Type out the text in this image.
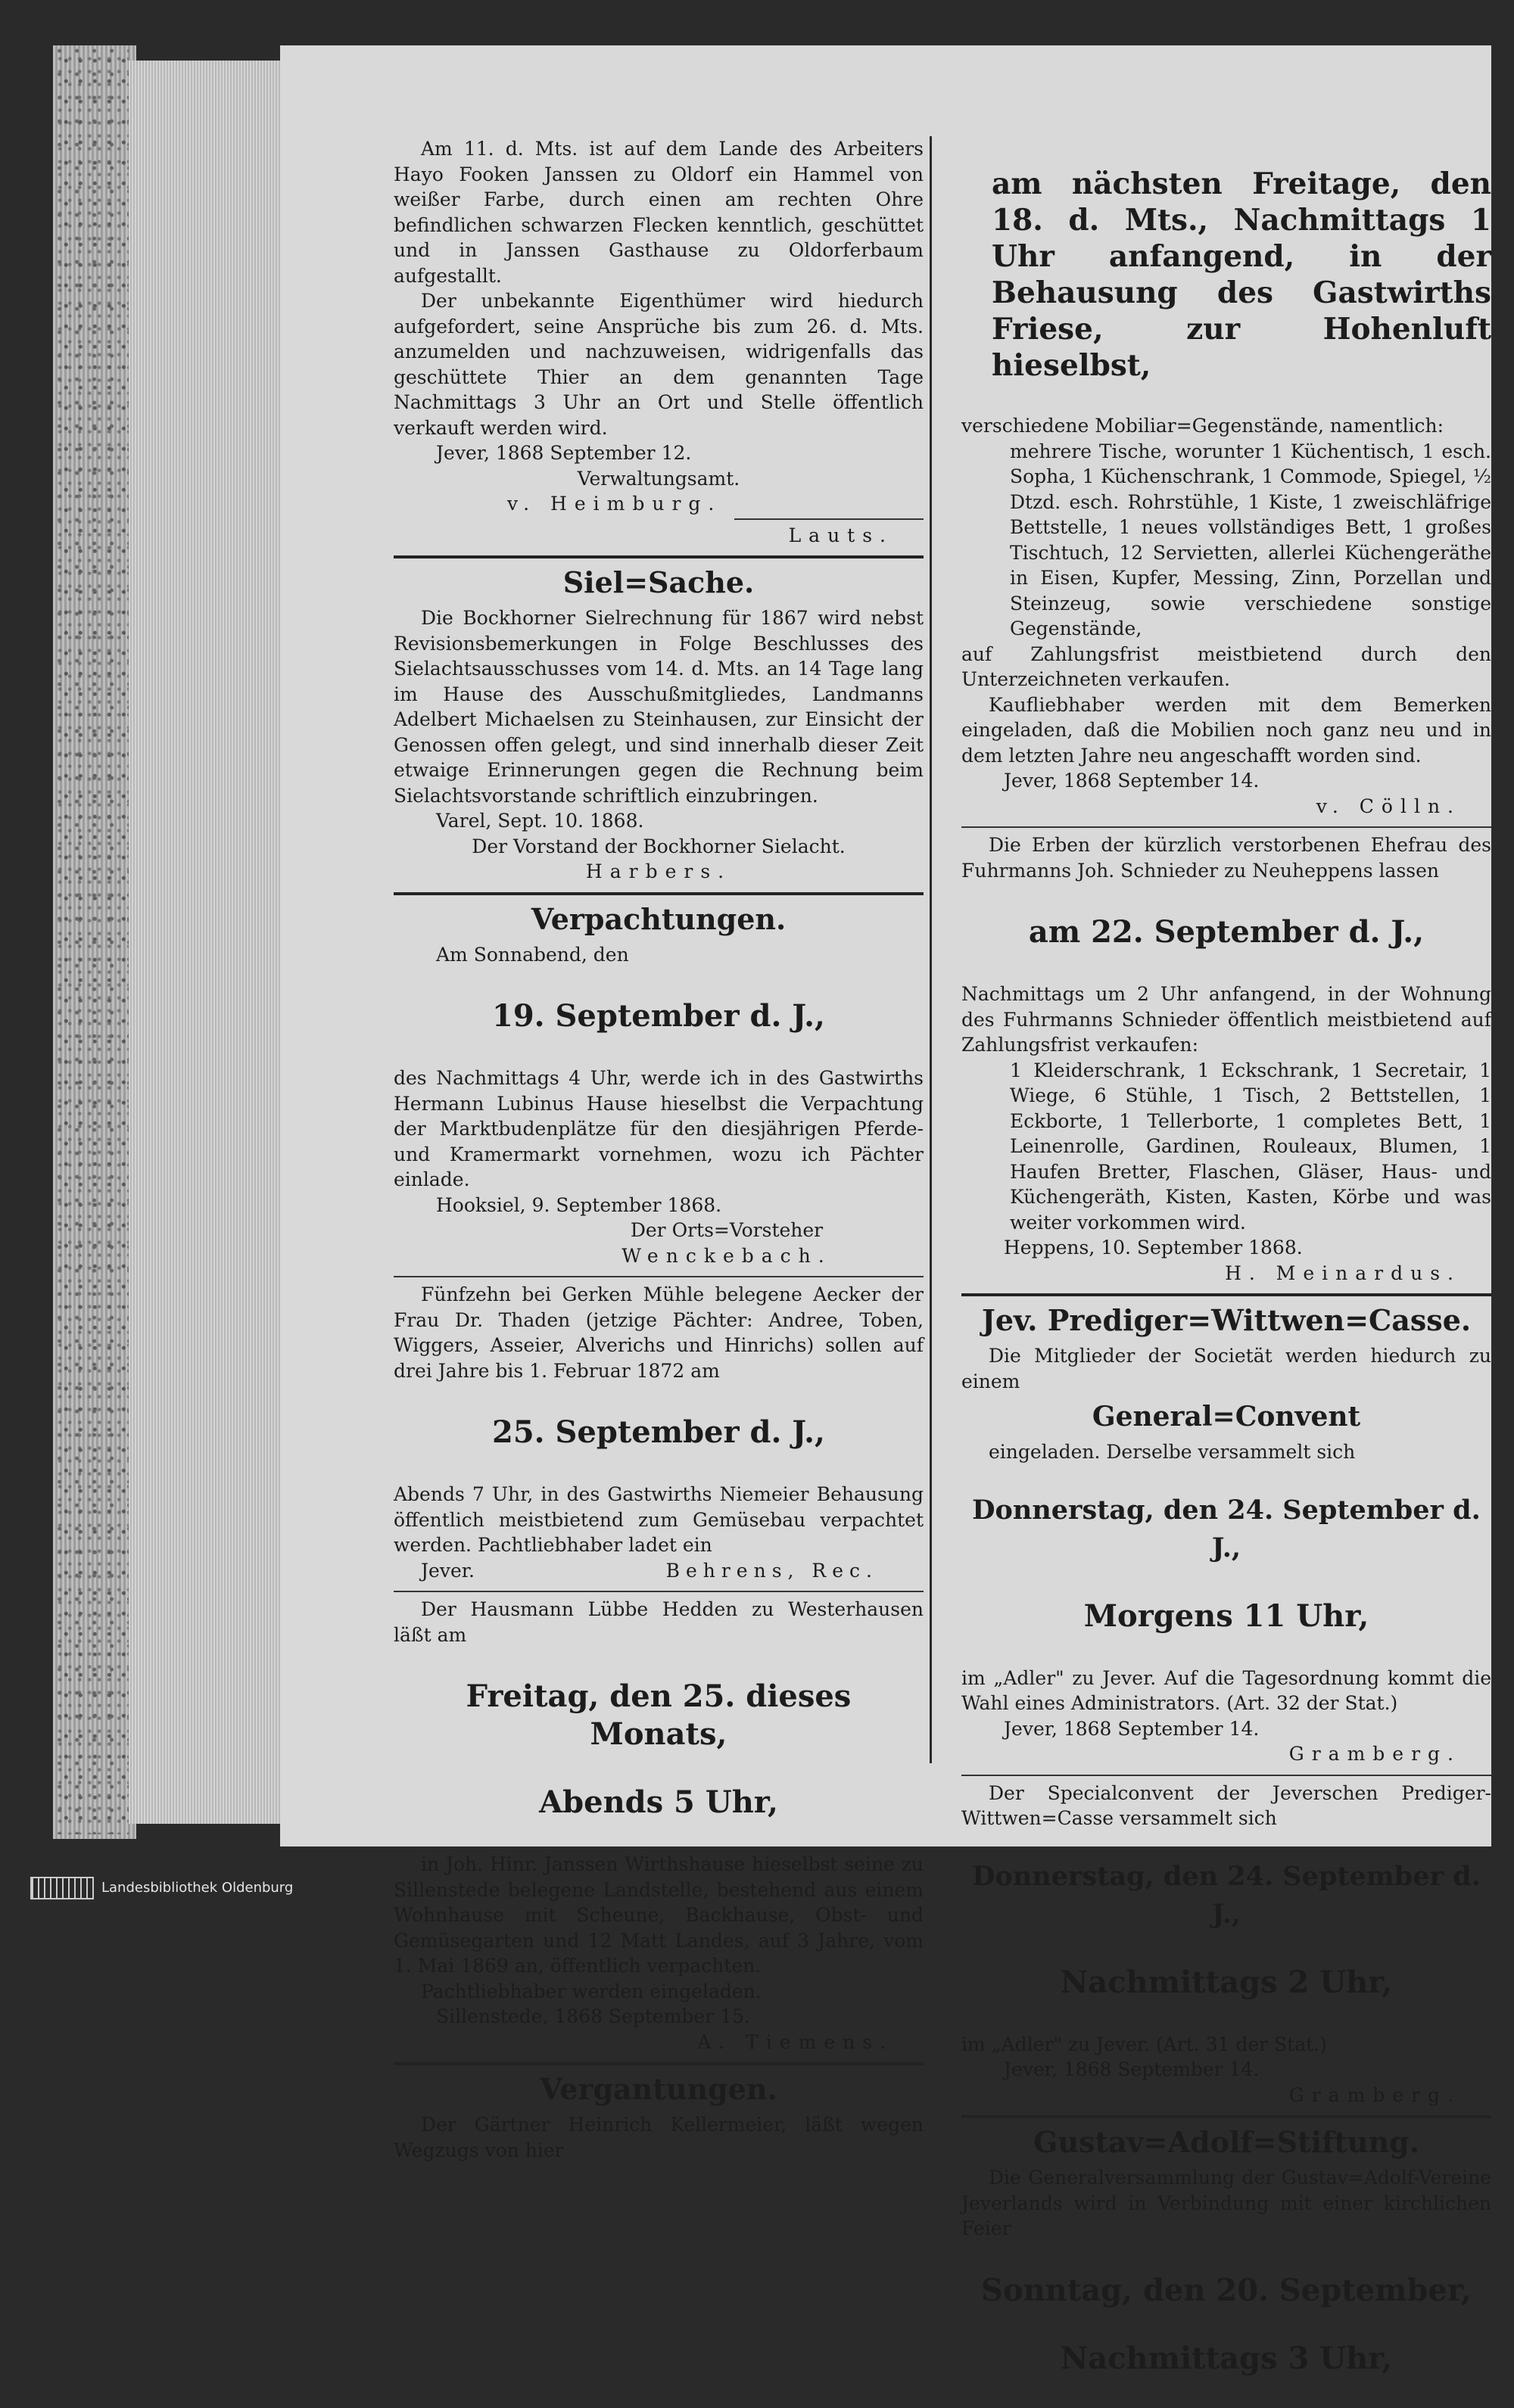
Am 11. d. Mts. ist auf dem Lande des Arbeiters Hayo Fooken Janssen zu Oldorf ein Hammel von weißer Farbe, durch einen am rechten Ohre befindlichen schwarzen Flecken kenntlich, geschüttet und in Janssen Gasthause zu Oldorferbaum aufgestallt.

Der unbekannte Eigenthümer wird hiedurch aufgefordert, seine Ansprüche bis zum 26. d. Mts. anzumelden und nachzuweisen, widrigenfalls das geschüttete Thier an dem genannten Tage Nachmittags 3 Uhr an Ort und Stelle öffentlich verkauft werden wird.

Jever, 1868 September 12.

Verwaltungsamt.

v. Heimburg.

Lauts.

Siel=Sache.

Die Bockhorner Sielrechnung für 1867 wird nebst Revisionsbemerkungen in Folge Beschlusses des Sielachtsausschusses vom 14. d. Mts. an 14 Tage lang im Hause des Ausschußmitgliedes, Landmanns Adelbert Michaelsen zu Steinhausen, zur Einsicht der Genossen offen gelegt, und sind innerhalb dieser Zeit etwaige Erinnerungen gegen die Rechnung beim Sielachtsvorstande schriftlich einzubringen.

Varel, Sept. 10. 1868.

Der Vorstand der Bockhorner Sielacht.

Harbers.

Verpachtungen.

Am Sonnabend, den

19. September d. J.,

des Nachmittags 4 Uhr, werde ich in des Gastwirths Hermann Lubinus Hause hieselbst die Verpachtung der Marktbudenplätze für den diesjährigen Pferde- und Kramermarkt vornehmen, wozu ich Pächter einlade.

Hooksiel, 9. September 1868.

Der Orts=Vorsteher

Wenckebach.

Fünfzehn bei Gerken Mühle belegene Aecker der Frau Dr. Thaden (jetzige Pächter: Andree, Toben, Wiggers, Asseier, Alverichs und Hinrichs) sollen auf drei Jahre bis 1. Februar 1872 am

25. September d. J.,

Abends 7 Uhr, in des Gastwirths Niemeier Behausung öffentlich meistbietend zum Gemüsebau verpachtet werden. Pachtliebhaber ladet ein

Jever.	Behrens, Rec.

Der Hausmann Lübbe Hedden zu Westerhausen läßt am

Freitag, den 25. dieses Monats,

Abends 5 Uhr,

in Joh. Hinr. Janssen Wirthshause hieselbst seine zu Sillenstede belegene Landstelle, bestehend aus einem Wohnhause mit Scheune, Backhause, Obst- und Gemüsegarten und 12 Matt Landes, auf 3 Jahre, vom 1. Mai 1869 an, öffentlich verpachten.

Pachtliebhaber werden eingeladen.

Sillenstede, 1868 September 15.

A. Tiemens.

Vergantungen.

Der Gärtner Heinrich Kellermeier, läßt wegen Wegzugs von hier

am nächsten Freitage, den 18. d. Mts., Nachmittags 1 Uhr anfangend, in der Behausung des Gastwirths Friese, zur Hohenluft hieselbst,

verschiedene Mobiliar=Gegenstände, namentlich:

mehrere Tische, worunter 1 Küchentisch, 1 esch. Sopha, 1 Küchenschrank, 1 Commode, Spiegel, ½ Dtzd. esch. Rohrstühle, 1 Kiste, 1 zweischläfrige Bettstelle, 1 neues vollständiges Bett, 1 großes Tischtuch, 12 Servietten, allerlei Küchengeräthe in Eisen, Kupfer, Messing, Zinn, Porzellan und Steinzeug, sowie verschiedene sonstige Gegenstände,

auf Zahlungsfrist meistbietend durch den Unterzeichneten verkaufen.

Kaufliebhaber werden mit dem Bemerken eingeladen, daß die Mobilien noch ganz neu und in dem letzten Jahre neu angeschafft worden sind.

Jever, 1868 September 14.

v. Cölln.

Die Erben der kürzlich verstorbenen Ehefrau des Fuhrmanns Joh. Schnieder zu Neuheppens lassen

am 22. September d. J.,

Nachmittags um 2 Uhr anfangend, in der Wohnung des Fuhrmanns Schnieder öffentlich meistbietend auf Zahlungsfrist verkaufen:

1 Kleiderschrank, 1 Eckschrank, 1 Secretair, 1 Wiege, 6 Stühle, 1 Tisch, 2 Bettstellen, 1 Eckborte, 1 Tellerborte, 1 completes Bett, 1 Leinenrolle, Gardinen, Rouleaux, Blumen, 1 Haufen Bretter, Flaschen, Gläser, Haus- und Küchengeräth, Kisten, Kasten, Körbe und was weiter vorkommen wird.

Heppens, 10. September 1868.

H. Meinardus.

Jev. Prediger=Wittwen=Casse.

Die Mitglieder der Societät werden hiedurch zu einem

General=Convent

eingeladen. Derselbe versammelt sich

Donnerstag, den 24. September d. J.,

Morgens 11 Uhr,

im „Adler" zu Jever. Auf die Tagesordnung kommt die Wahl eines Administrators. (Art. 32 der Stat.)

Jever, 1868 September 14.

Gramberg.

Der Specialconvent der Jeverschen Prediger-Wittwen=Casse versammelt sich

Donnerstag, den 24. September d. J.,

Nachmittags 2 Uhr,

im „Adler" zu Jever. (Art. 31 der Stat.)

Jever, 1868 September 14.

Gramberg.

Gustav=Adolf=Stiftung.

Die Generalversammlung der Gustav=Adolf-Vereine Jeverlands wird in Verbindung mit einer kirchlichen Feier

Sonntag, den 20. September,

Nachmittags 3 Uhr,

Landesbibliothek Oldenburg
